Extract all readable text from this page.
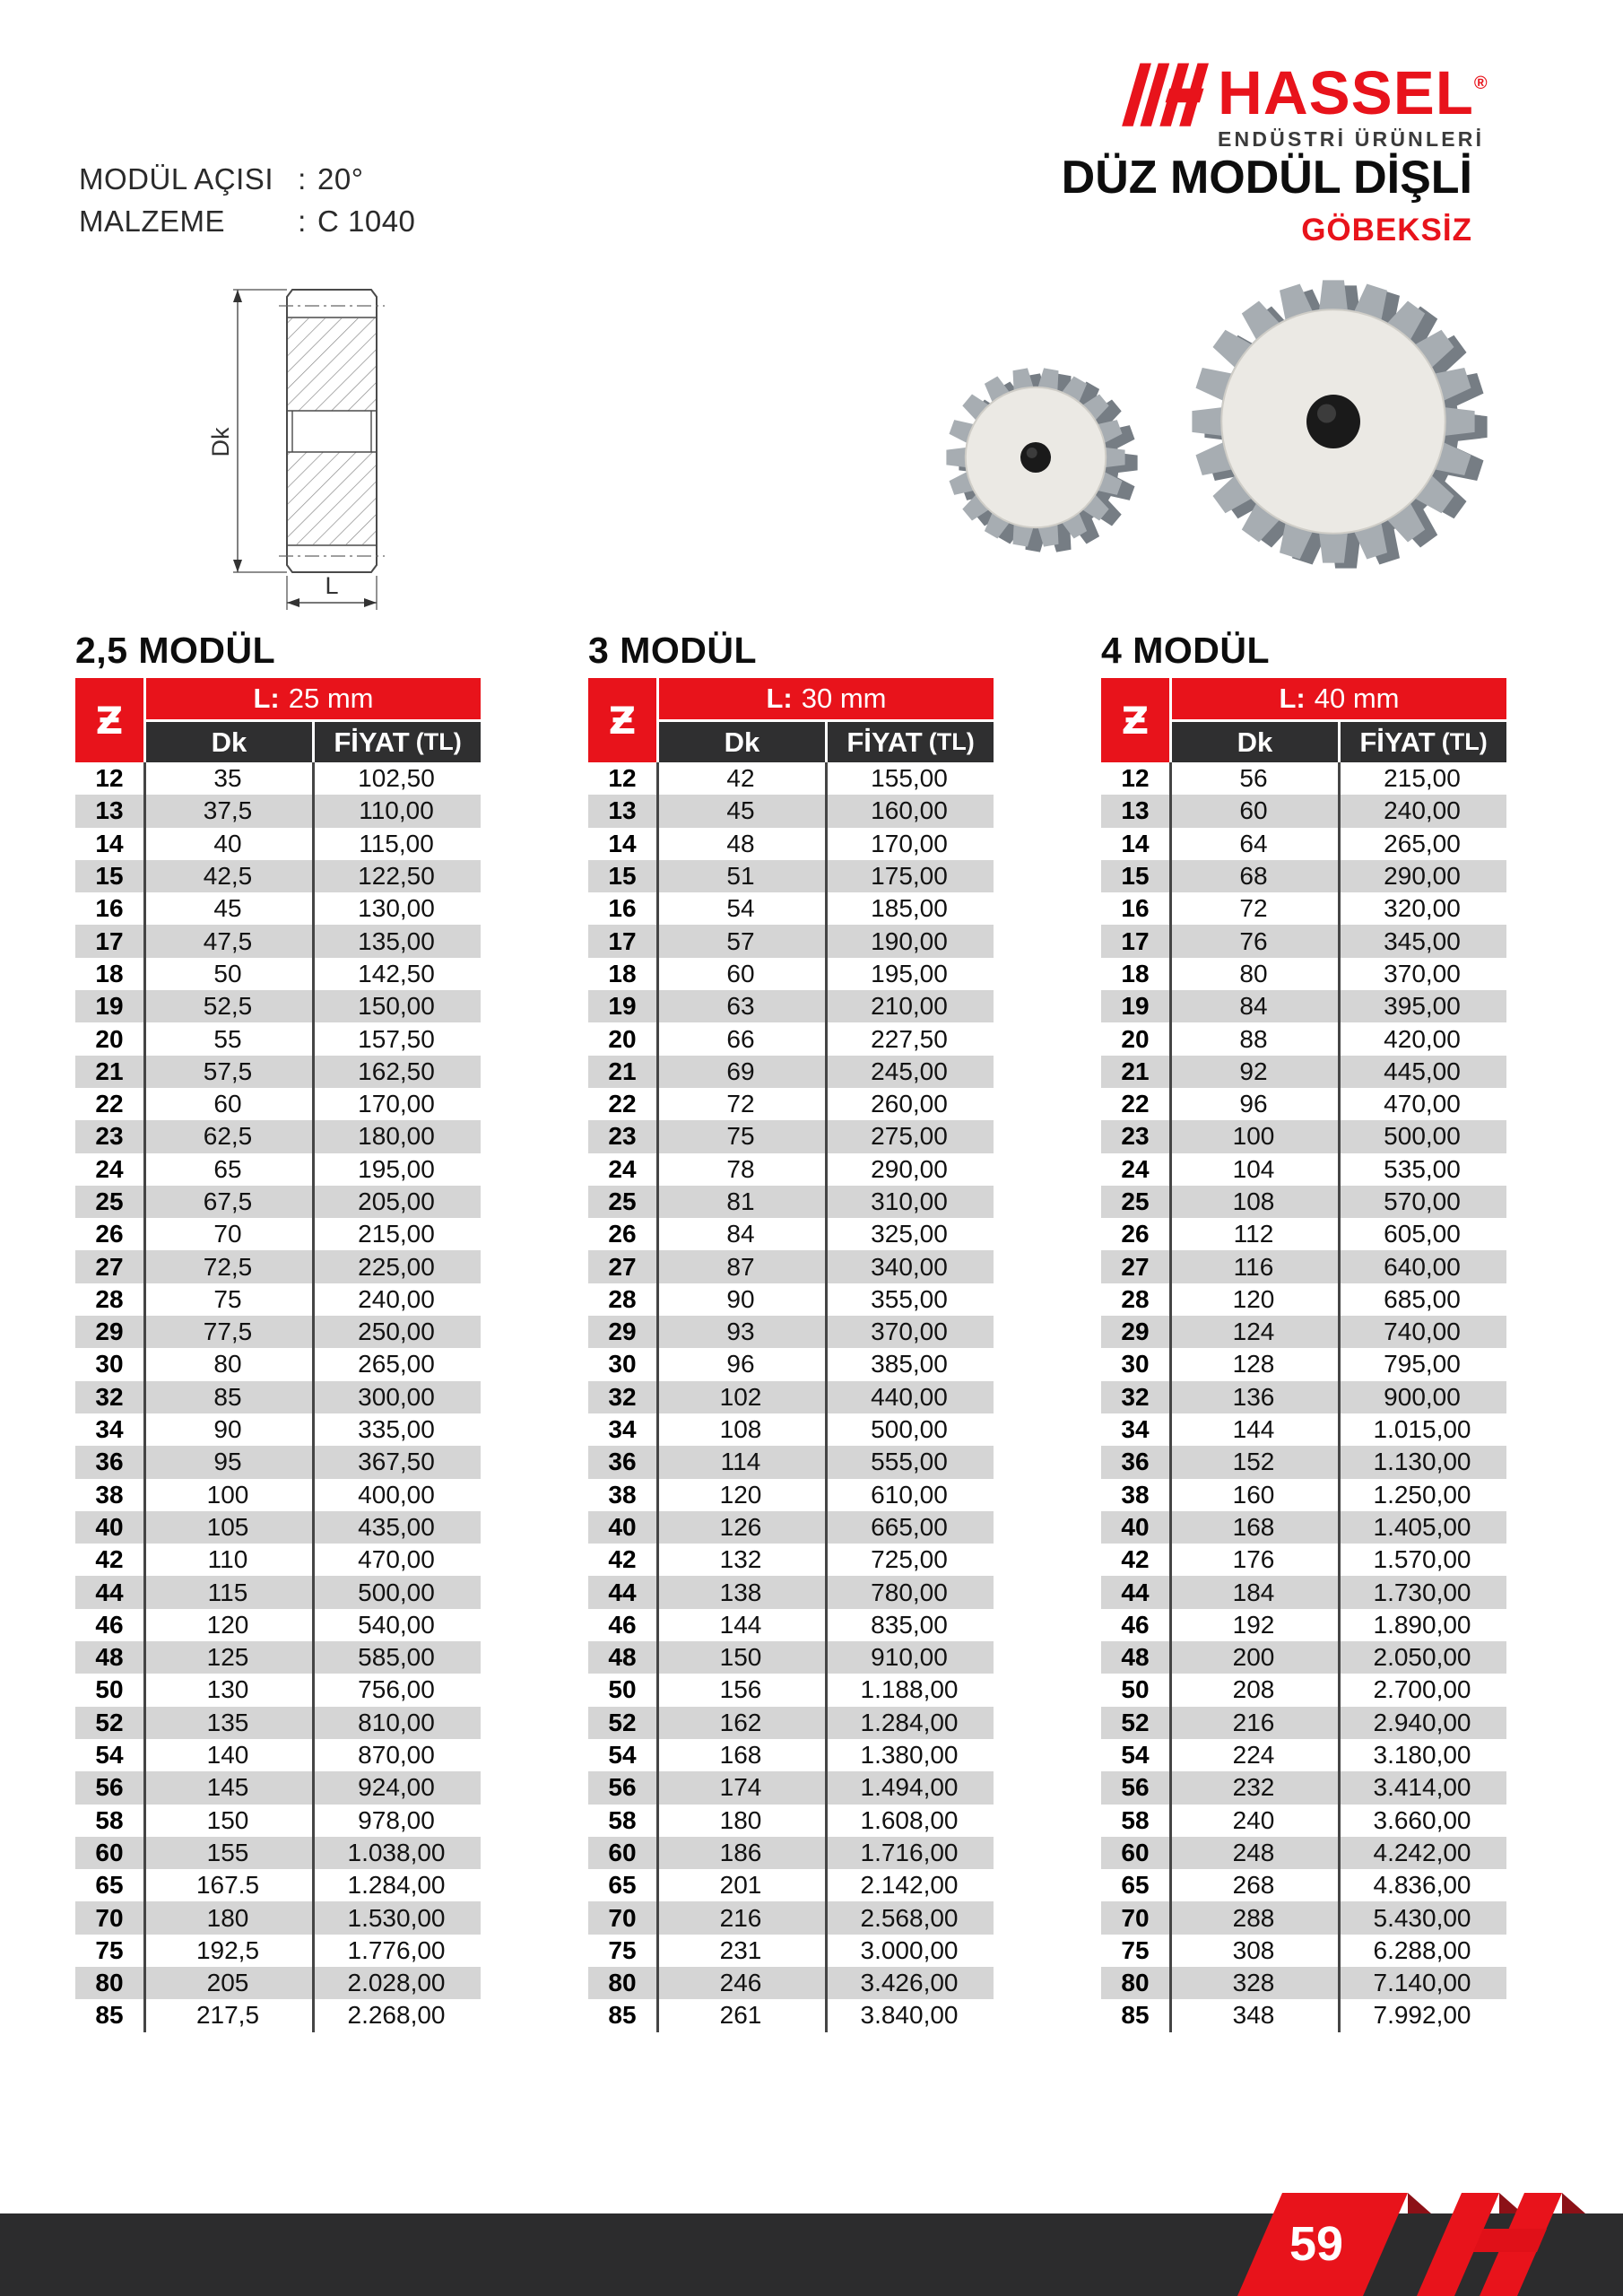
MODÜL AÇISI : 20°
MALZEME	: C 1040
HASSEL®
ENDÜSTRİ ÜRÜNLERİ
DÜZ MODÜL DİŞLİ
GÖBEKSİZ
Dk
L
2,5 MODÜL
Ƶ	L: 25 mm
Dk	FİYAT (TL)
12	35	102,50
13	37,5	110,00
14	40	115,00
15	42,5	122,50
16	45	130,00
17	47,5	135,00
18	50	142,50
19	52,5	150,00
20	55	157,50
21	57,5	162,50
22	60	170,00
23	62,5	180,00
24	65	195,00
25	67,5	205,00
26	70	215,00
27	72,5	225,00
28	75	240,00
29	77,5	250,00
30	80	265,00
32	85	300,00
34	90	335,00
36	95	367,50
38	100	400,00
40	105	435,00
42	110	470,00
44	115	500,00
46	120	540,00
48	125	585,00
50	130	756,00
52	135	810,00
54	140	870,00
56	145	924,00
58	150	978,00
60	155	1.038,00
65	167.5	1.284,00
70	180	1.530,00
75	192,5	1.776,00
80	205	2.028,00
85	217,5	2.268,00
3 MODÜL
Ƶ	L: 30 mm
Dk	FİYAT (TL)
12	42	155,00
13	45	160,00
14	48	170,00
15	51	175,00
16	54	185,00
17	57	190,00
18	60	195,00
19	63	210,00
20	66	227,50
21	69	245,00
22	72	260,00
23	75	275,00
24	78	290,00
25	81	310,00
26	84	325,00
27	87	340,00
28	90	355,00
29	93	370,00
30	96	385,00
32	102	440,00
34	108	500,00
36	114	555,00
38	120	610,00
40	126	665,00
42	132	725,00
44	138	780,00
46	144	835,00
48	150	910,00
50	156	1.188,00
52	162	1.284,00
54	168	1.380,00
56	174	1.494,00
58	180	1.608,00
60	186	1.716,00
65	201	2.142,00
70	216	2.568,00
75	231	3.000,00
80	246	3.426,00
85	261	3.840,00
4 MODÜL
Ƶ	L: 40 mm
Dk	FİYAT (TL)
12	56	215,00
13	60	240,00
14	64	265,00
15	68	290,00
16	72	320,00
17	76	345,00
18	80	370,00
19	84	395,00
20	88	420,00
21	92	445,00
22	96	470,00
23	100	500,00
24	104	535,00
25	108	570,00
26	112	605,00
27	116	640,00
28	120	685,00
29	124	740,00
30	128	795,00
32	136	900,00
34	144	1.015,00
36	152	1.130,00
38	160	1.250,00
40	168	1.405,00
42	176	1.570,00
44	184	1.730,00
46	192	1.890,00
48	200	2.050,00
50	208	2.700,00
52	216	2.940,00
54	224	3.180,00
56	232	3.414,00
58	240	3.660,00
60	248	4.242,00
65	268	4.836,00
70	288	5.430,00
75	308	6.288,00
80	328	7.140,00
85	348	7.992,00
59
